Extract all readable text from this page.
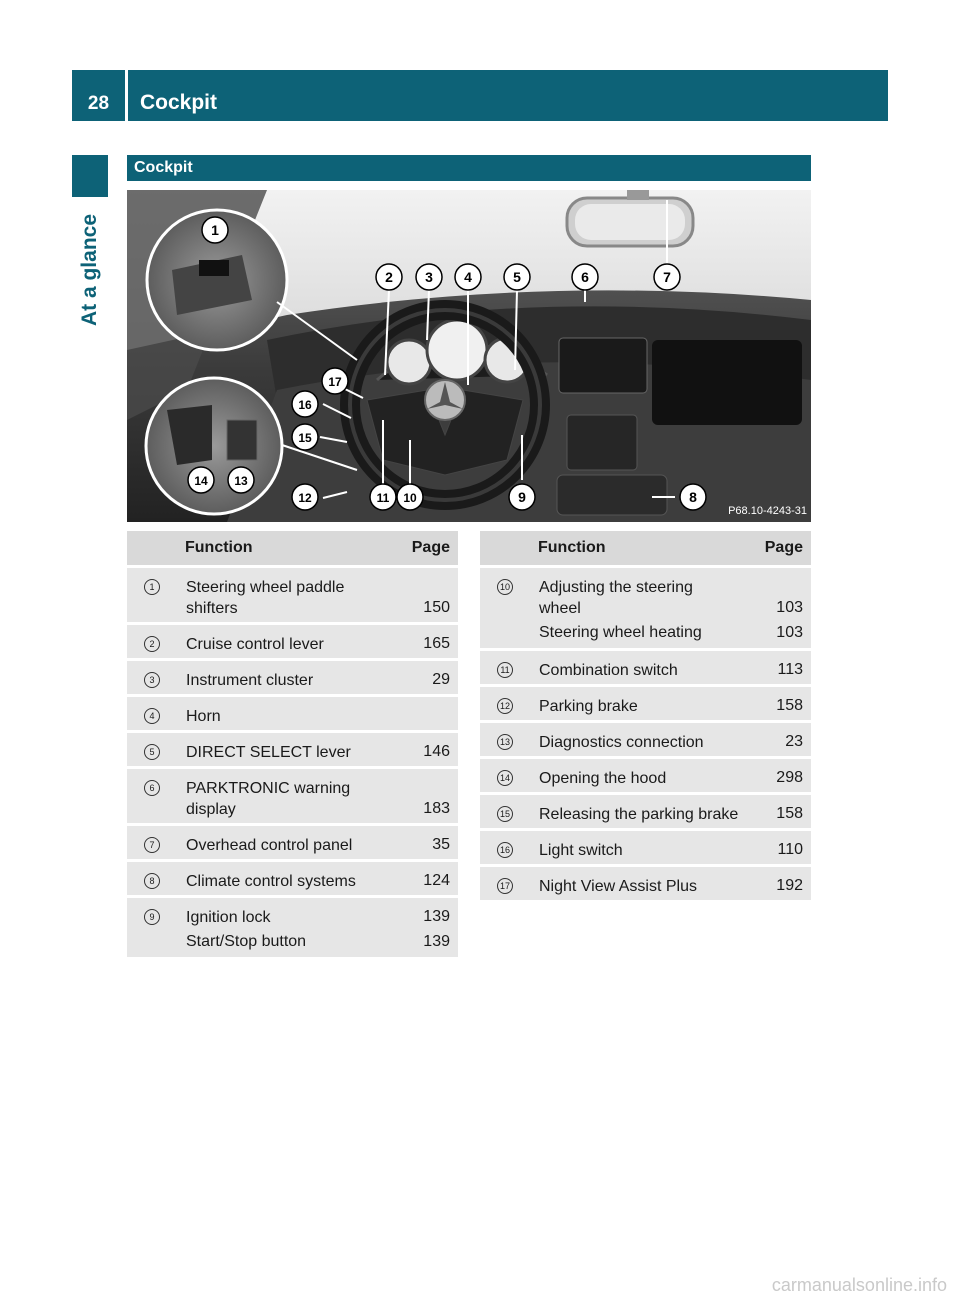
28	Cockpit
At a glance
Cockpit
1
2 3 4	5	6	7
8
9
10
11
12
13
14
15
16
17
P68.10-4243-31
	Function	Page
1	Steering wheel paddle
shifters	150
2	Cruise control lever	165
3	Instrument cluster	29
4	Horn	

5	DIRECT SELECT lever	146
6	PARKTRONIC warning
display	183
7	Overhead control panel	35
8	Climate control systems	124
9	Ignition lock	139

	Start/Stop button	139
	Function	Page
10	Adjusting the steering
wheel	103

	Steering wheel heating	103
11	Combination switch	113
12	Parking brake	158
13	Diagnostics connection	23
14	Opening the hood	298
15	Releasing the parking brake	158
16	Light switch	110
17	Night View Assist Plus	192
carmanualsonline.info
